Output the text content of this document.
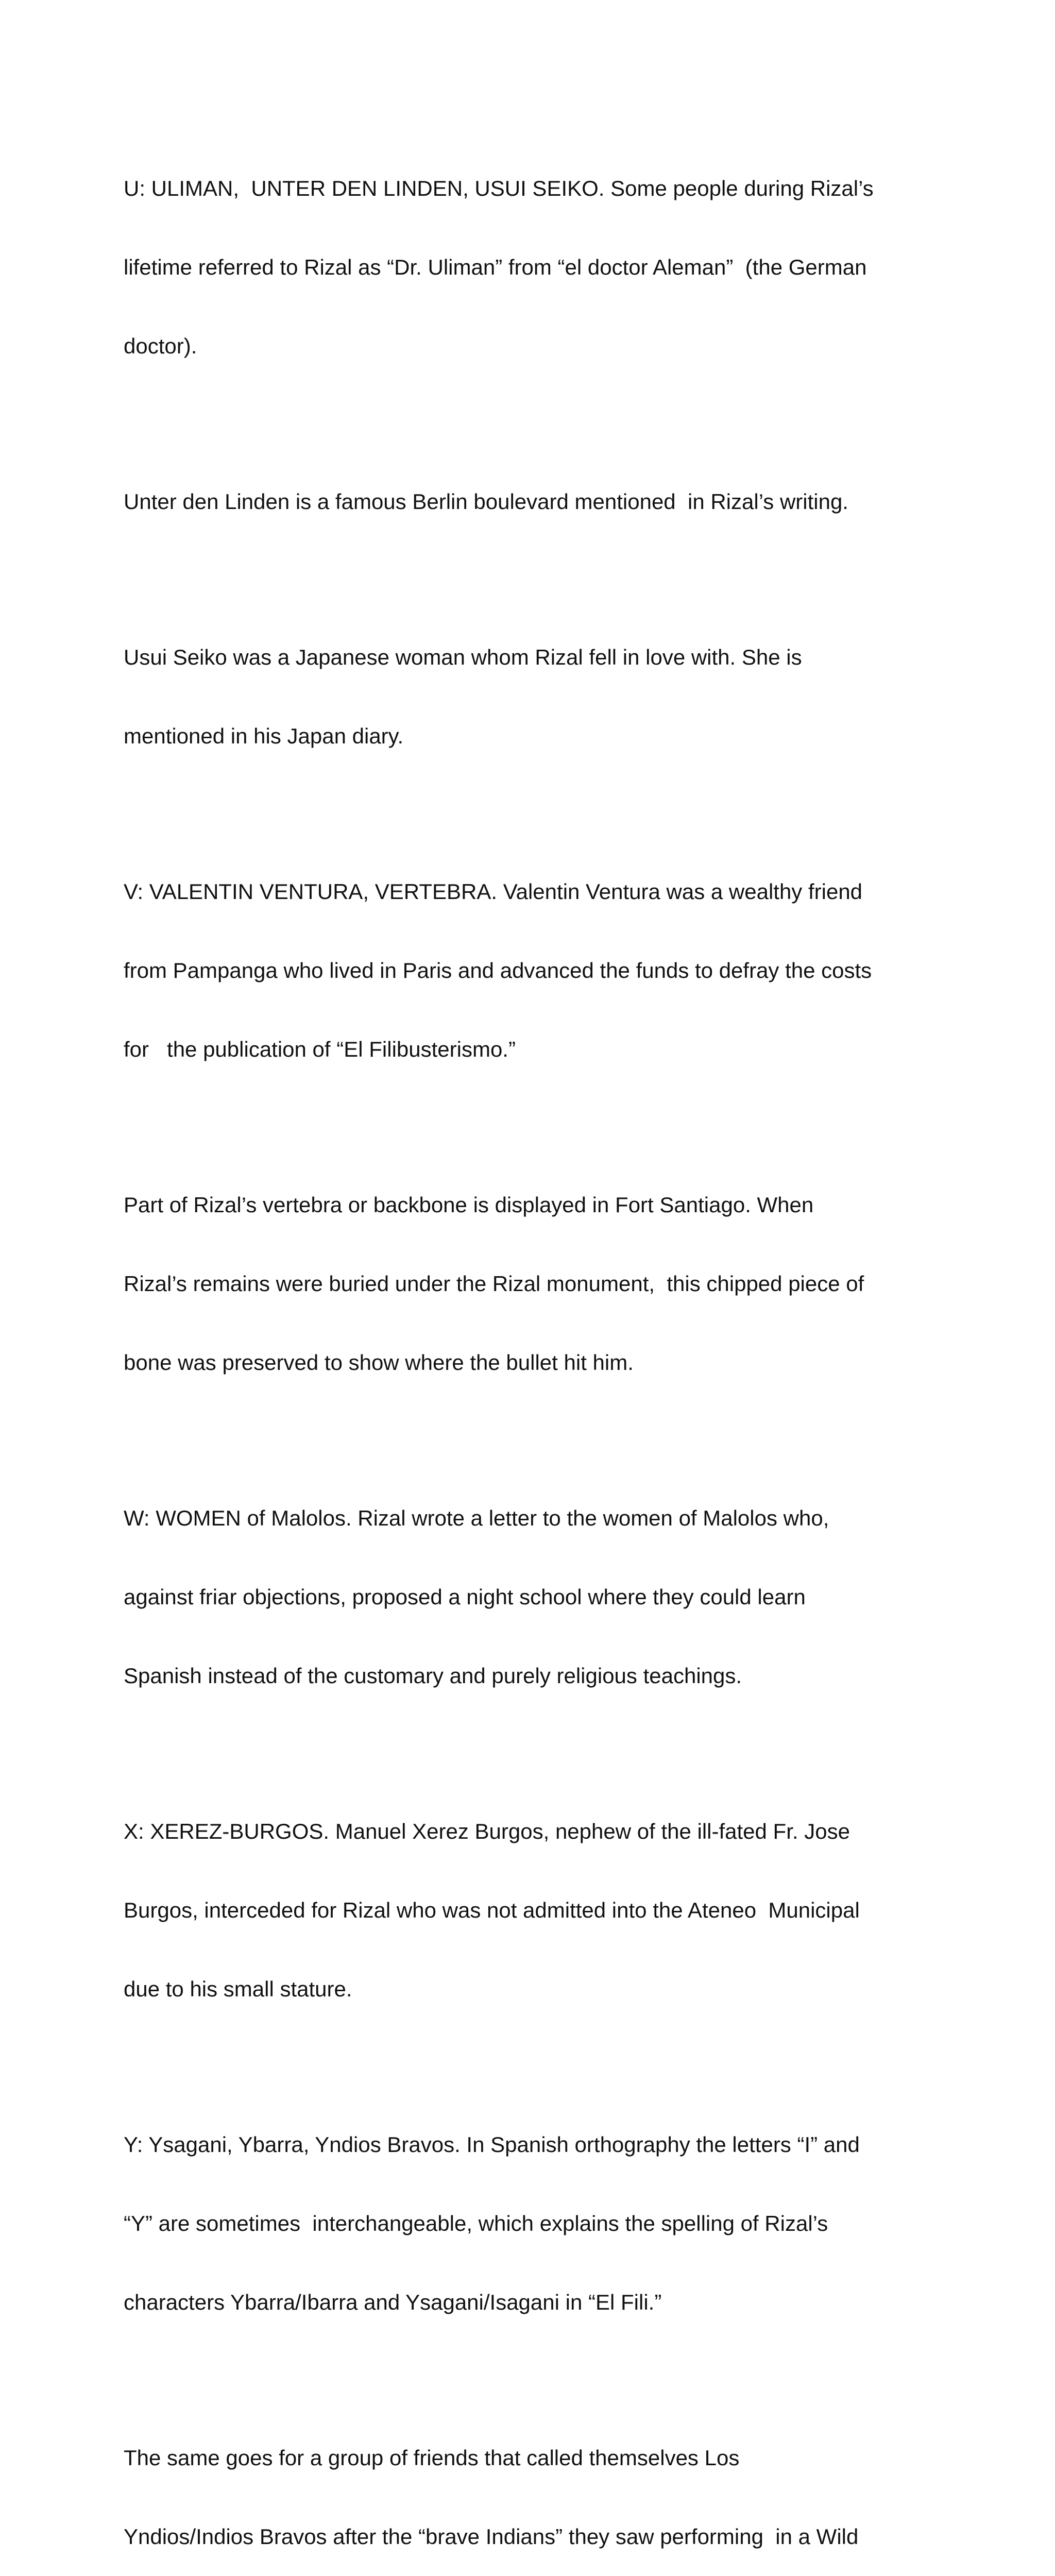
U: ULIMAN,  UNTER DEN LINDEN, USUI SEIKO. Some people during Rizal’s

lifetime referred to Rizal as “Dr. Uliman” from “el doctor Aleman”  (the German

doctor).

Unter den Linden is a famous Berlin boulevard mentioned  in Rizal’s writing.

Usui Seiko was a Japanese woman whom Rizal fell in love with. She is

mentioned in his Japan diary.

V: VALENTIN VENTURA, VERTEBRA. Valentin Ventura was a wealthy friend

from Pampanga who lived in Paris and advanced the funds to defray the costs

for   the publication of “El Filibusterismo.”

Part of Rizal’s vertebra or backbone is displayed in Fort Santiago. When

Rizal’s remains were buried under the Rizal monument,  this chipped piece of

bone was preserved to show where the bullet hit him.

W: WOMEN of Malolos. Rizal wrote a letter to the women of Malolos who,

against friar objections, proposed a night school where they could learn

Spanish instead of the customary and purely religious teachings.

X: XEREZ-BURGOS. Manuel Xerez Burgos, nephew of the ill-fated Fr. Jose

Burgos, interceded for Rizal who was not admitted into the Ateneo  Municipal

due to his small stature.

Y: Ysagani, Ybarra, Yndios Bravos. In Spanish orthography the letters “I” and

“Y” are sometimes  interchangeable, which explains the spelling of Rizal’s

characters Ybarra/Ibarra and Ysagani/Isagani in “El Fili.”

The same goes for a group of friends that called themselves Los

Yndios/Indios Bravos after the “brave Indians” they saw performing  in a Wild
